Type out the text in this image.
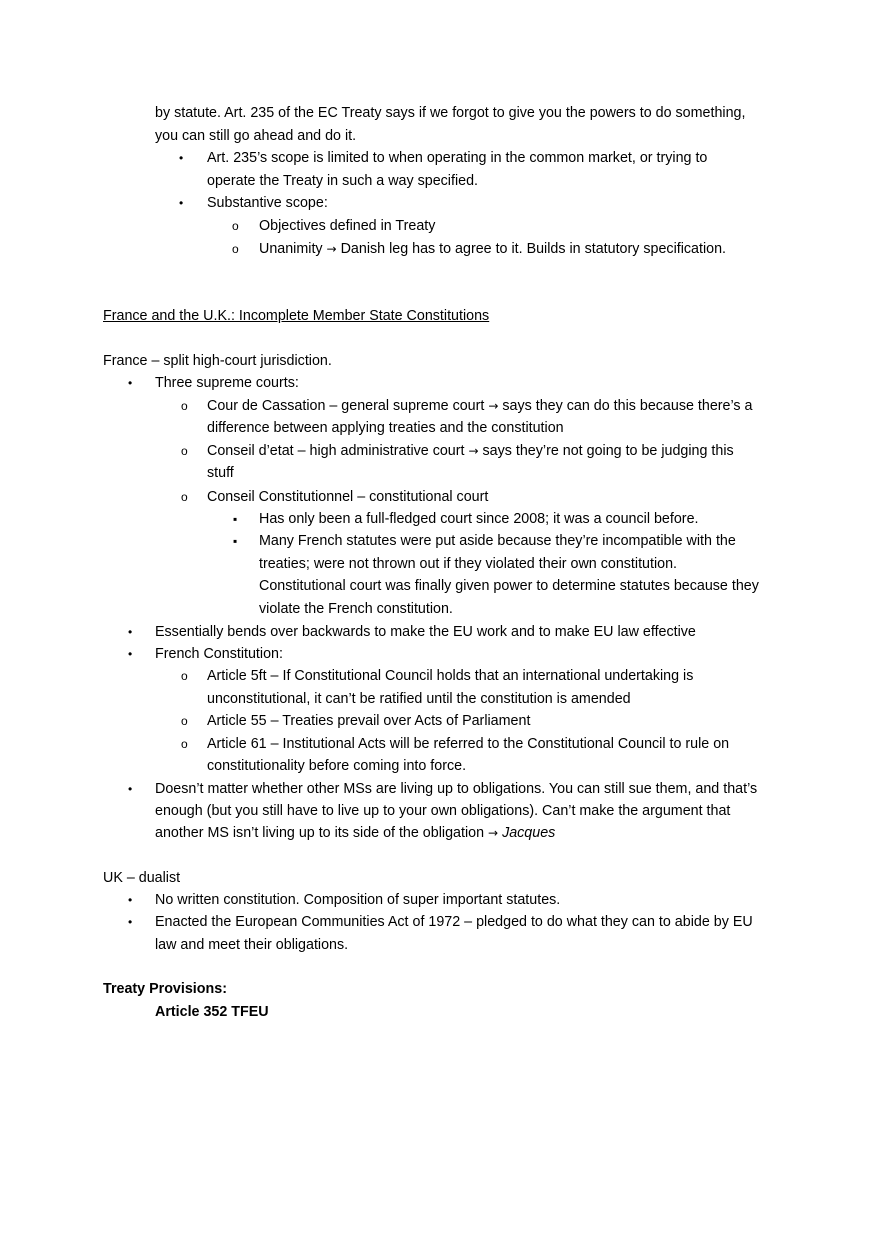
by statute. Art. 235 of the EC Treaty says if we forgot to give you the powers to do something,
you can still go ahead and do it.
• Art. 235’s scope is limited to when operating in the common market, or trying to
operate the Treaty in such a way specified.
• Substantive scope:
o Objectives defined in Treaty
o Unanimity → Danish leg has to agree to it. Builds in statutory specification.
France and the U.K.: Incomplete Member State Constitutions
France – split high-court jurisdiction.
• Three supreme courts:
o Cour de Cassation – general supreme court → says they can do this because there’s a
difference between applying treaties and the constitution
o Conseil d’etat – high administrative court → says they’re not going to be judging this
stuff
o Conseil Constitutionnel – constitutional court
▪ Has only been a full-fledged court since 2008; it was a council before.
▪ Many French statutes were put aside because they’re incompatible with the
treaties; were not thrown out if they violated their own constitution.
Constitutional court was finally given power to determine statutes because they
violate the French constitution.
• Essentially bends over backwards to make the EU work and to make EU law effective
• French Constitution:
o Article 5ft – If Constitutional Council holds that an international undertaking is
unconstitutional, it can’t be ratified until the constitution is amended
o Article 55 – Treaties prevail over Acts of Parliament
o Article 61 – Institutional Acts will be referred to the Constitutional Council to rule on
constitutionality before coming into force.
• Doesn’t matter whether other MSs are living up to obligations. You can still sue them, and that’s
enough (but you still have to live up to your own obligations). Can’t make the argument that
another MS isn’t living up to its side of the obligation → Jacques
UK – dualist
• No written constitution. Composition of super important statutes.
• Enacted the European Communities Act of 1972 – pledged to do what they can to abide by EU
law and meet their obligations.
Treaty Provisions:
Article 352 TFEU
